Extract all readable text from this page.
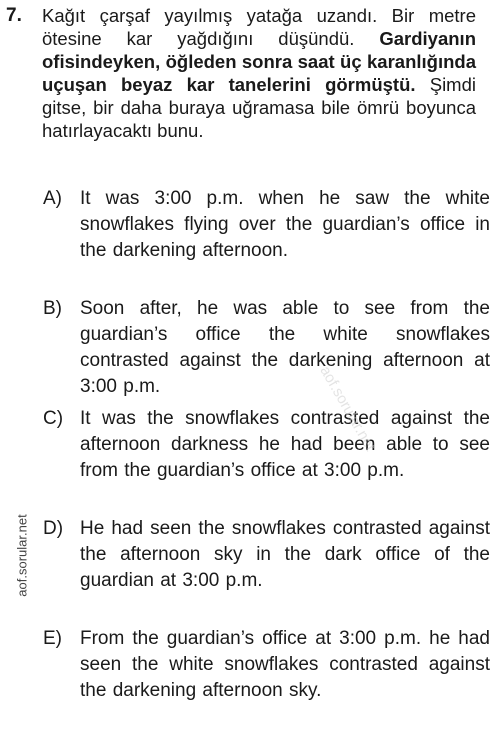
7. Kağıt çarşaf yayılmış yatağa uzandı. Bir metre ötesine kar yağdığını düşündü. Gardiyanın ofisindeyken, öğleden sonra saat üç karanlığında uçuşan beyaz kar tanelerini görmüştü. Şimdi gitse, bir daha buraya uğramasa bile ömrü boyunca hatırlayacaktı bunu.
A) It was 3:00 p.m. when he saw the white snowflakes flying over the guardian’s office in the darkening afternoon.
B) Soon after, he was able to see from the guardian’s office the white snowflakes contrasted against the darkening afternoon at 3:00 p.m.
C) It was the snowflakes contrasted against the afternoon darkness he had been able to see from the guardian’s office at 3:00 p.m.
D) He had seen the snowflakes contrasted against the afternoon sky in the dark office of the guardian at 3:00 p.m.
E) From the guardian’s office at 3:00 p.m. he had seen the white snowflakes contrasted against the darkening afternoon sky.
aof.sorular.net
aof.sorular.net
